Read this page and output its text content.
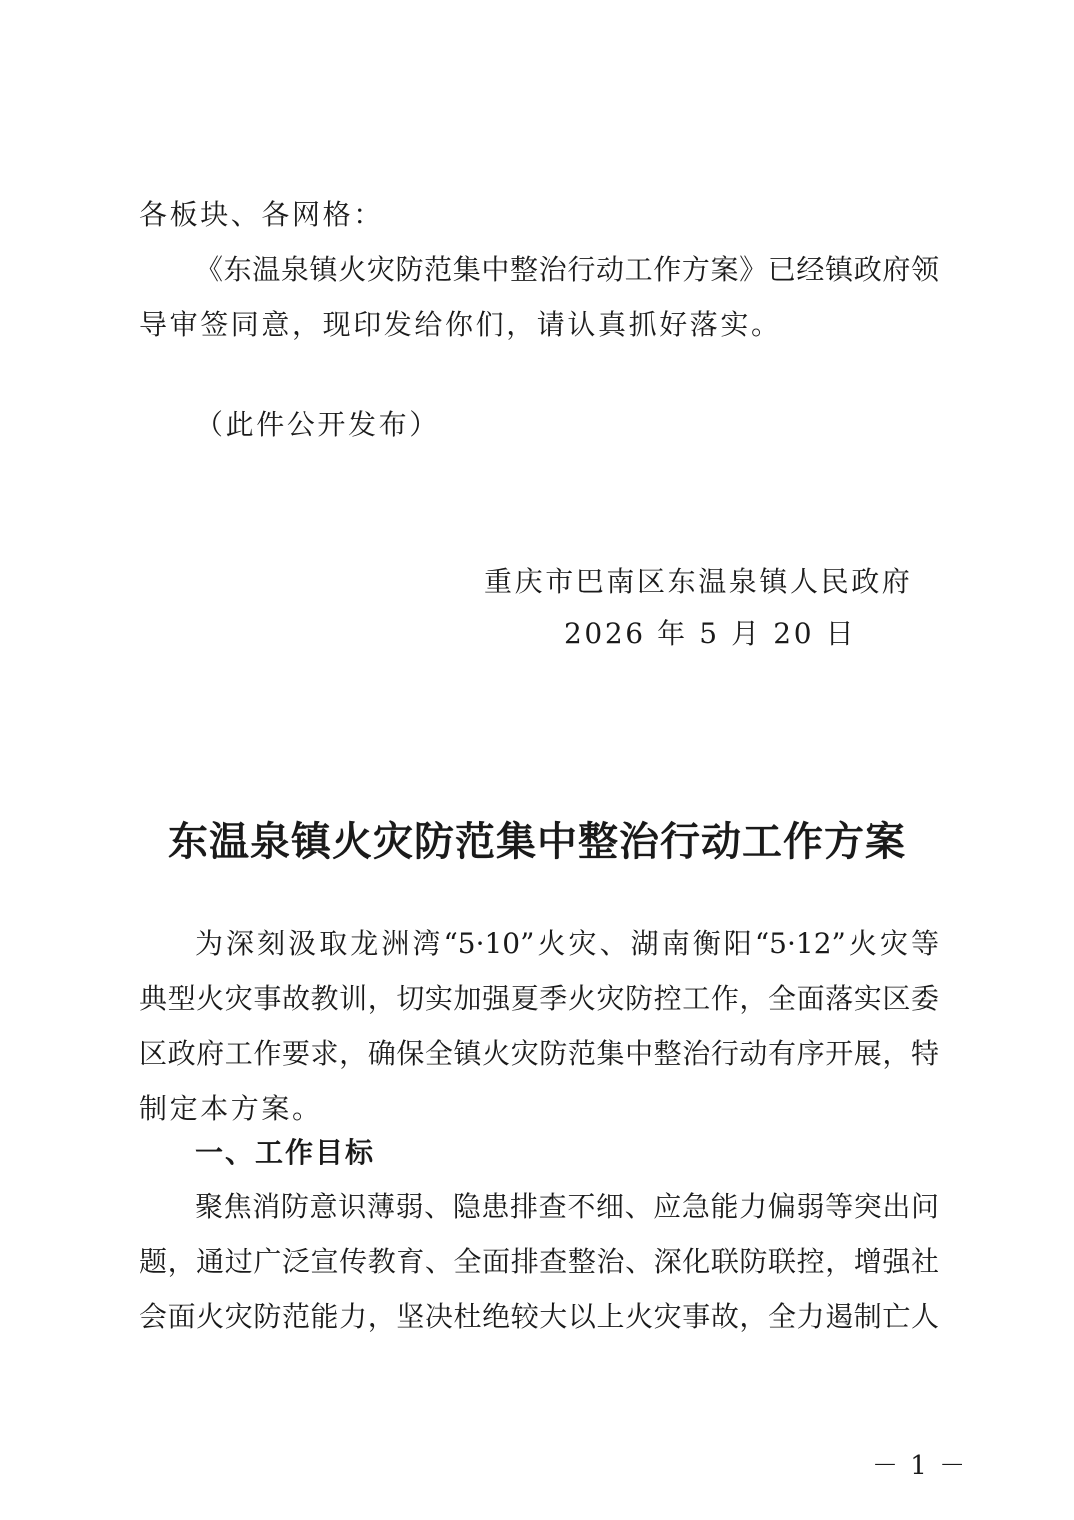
各板块、各网格：
《东温泉镇火灾防范集中整治行动工作方案》已经镇政府领
导审签同意，现印发给你们，请认真抓好落实。
（此件公开发布）
重庆市巴南区东温泉镇人民政府
2026 年 5 月 20 日
东温泉镇火灾防范集中整治行动工作方案
为深刻汲取龙洲湾“5·10”火灾、湖南衡阳“5·12”火灾等
典型火灾事故教训，切实加强夏季火灾防控工作，全面落实区委
区政府工作要求，确保全镇火灾防范集中整治行动有序开展，特
制定本方案。
一、工作目标
聚焦消防意识薄弱、隐患排查不细、应急能力偏弱等突出问
题，通过广泛宣传教育、全面排查整治、深化联防联控，增强社
会面火灾防范能力，坚决杜绝较大以上火灾事故，全力遏制亡人
－ 1 －
